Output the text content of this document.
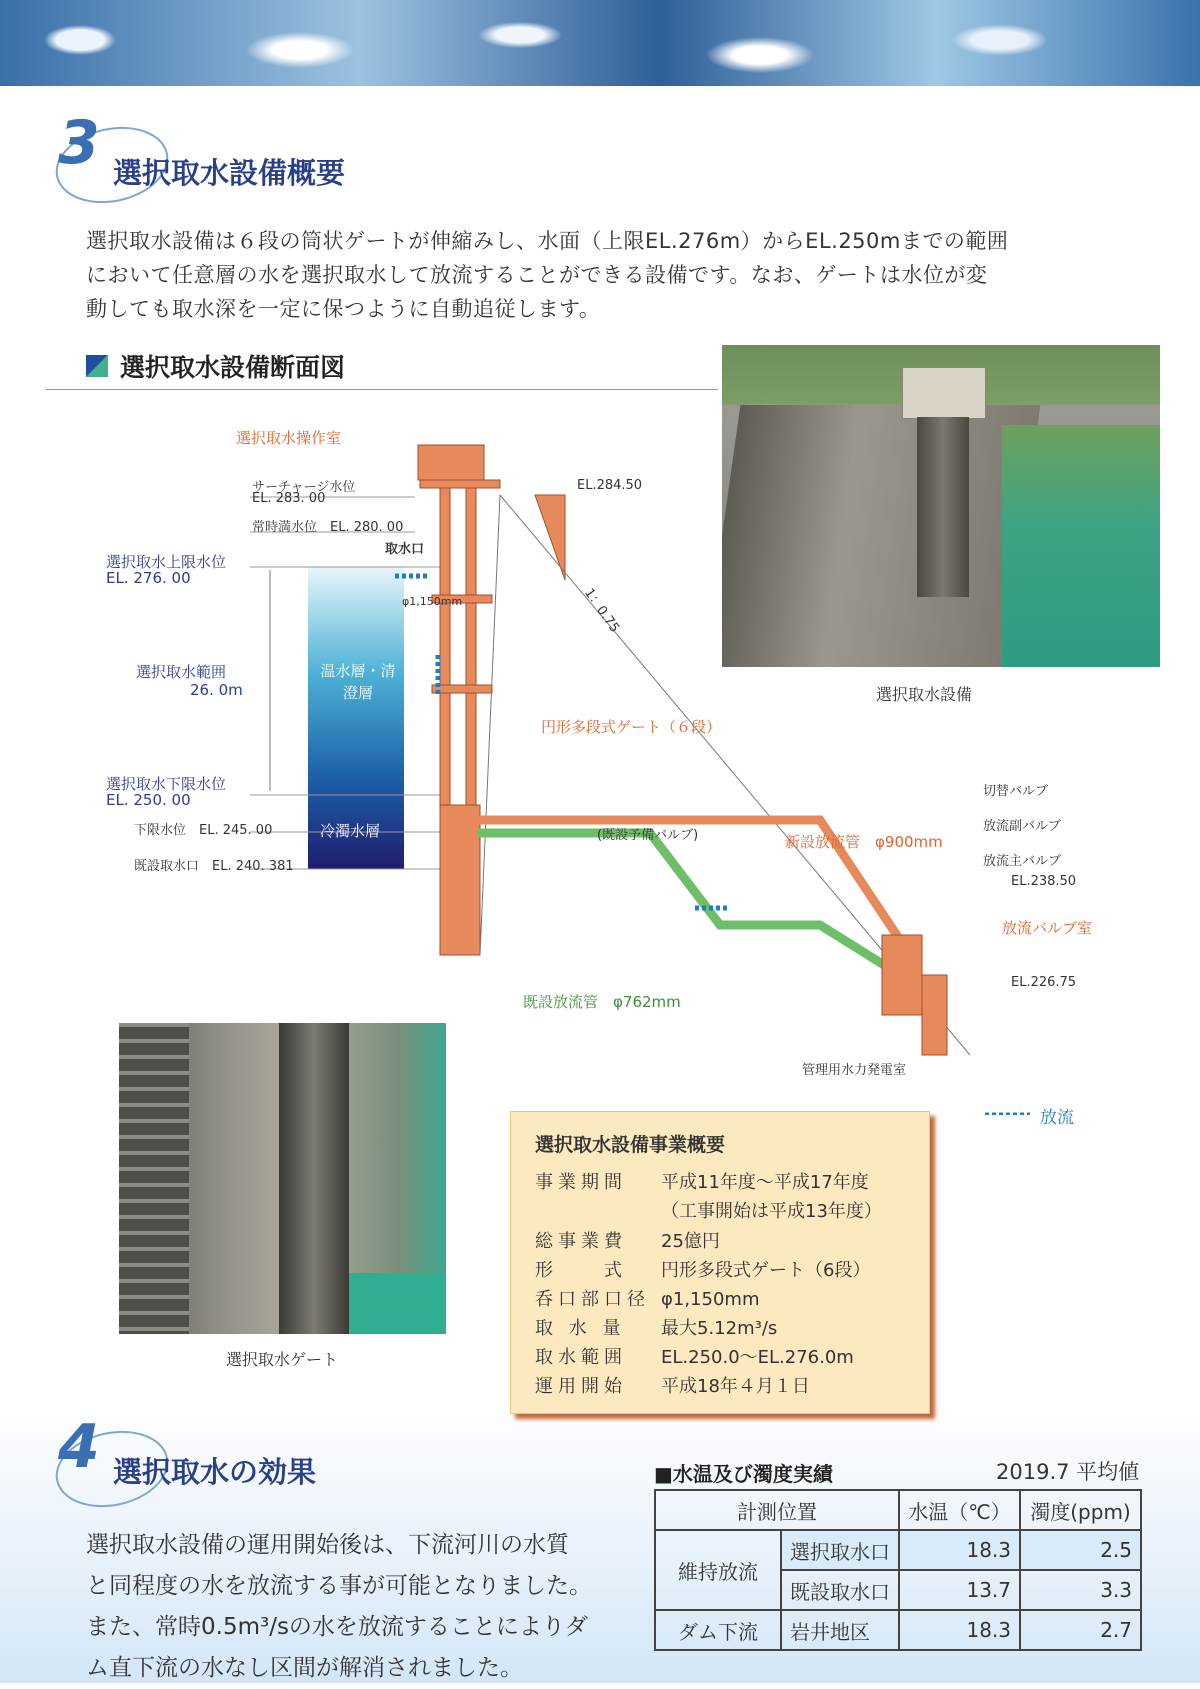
3 選択取水設備概要
選択取水設備は６段の筒状ゲートが伸縮みし、水面（上限EL.276m）からEL.250mまでの範囲
において任意層の水を選択取水して放流することができる設備です。なお、ゲートは水位が変
動しても取水深を一定に保つように自動追従します。
選択取水設備断面図
選択取水設備
選択取水操作室
サーチャージ水位
EL. 283. 00
常時満水位　EL. 280. 00
取水口
選択取水上限水位
EL. 276. 00
φ1,150mm
EL.284.50
1：0.75
選択取水範囲
26. 0m
温水層・清澄層
円形多段式ゲート（６段）
選択取水下限水位
EL. 250. 00
下限水位　EL. 245. 00	冷濁水層
既設取水口　EL. 240. 381
(既設予備バルブ)	新設放流管　φ900mm
切替バルブ
放流副バルブ
放流主バルブ
EL.238.50
放流バルブ室
EL.226.75
既設放流管　φ762mm
管理用水力発電室
放流
選択取水ゲート
選択取水設備事業概要
事業期間 平成11年度～平成17年度
（工事開始は平成13年度）
総事業費 25億円
形　　式 円形多段式ゲート（6段）
呑口部口径 φ1,150mm
取 水 量 最大5.12m³/s
取水範囲 EL.250.0～EL.276.0m
運用開始 平成18年４月１日
4 選択取水の効果
選択取水設備の運用開始後は、下流河川の水質
と同程度の水を放流する事が可能となりました。
また、常時0.5m³/sの水を放流することによりダ
ム直下流の水なし区間が解消されました。
■水温及び濁度実績	2019.7 平均値
計測位置		水温（℃）	濁度(ppm)
維持放流	選択取水口	18.3	2.5
	既設取水口	13.7	3.3
ダム下流	岩井地区	18.3	2.7
